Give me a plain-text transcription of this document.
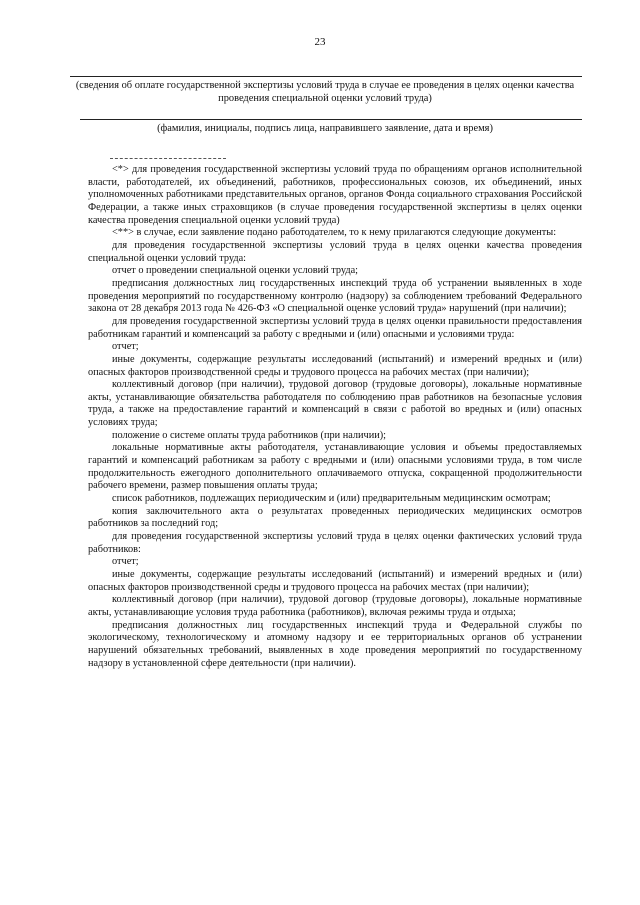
23
(сведения об оплате государственной экспертизы условий труда в случае ее проведения в целях оценки качества проведения специальной оценки условий труда)
(фамилия, инициалы, подпись лица, направившего заявление, дата и время)

<*> для проведения государственной экспертизы условий труда по обращениям органов исполнительной власти, работодателей, их объединений, работников, профессиональных союзов, их объединений, иных уполномоченных работниками представительных органов, органов Фонда социального страхования Российской Федерации, а также иных страховщиков (в случае проведения государственной экспертизы в целях оценки качества проведения специальной оценки условий труда)

<**> в случае, если заявление подано работодателем, то к нему прилагаются следующие документы:

для проведения государственной экспертизы условий труда в целях оценки качества проведения специальной оценки условий труда:

отчет о проведении специальной оценки условий труда;

предписания должностных лиц государственных инспекций труда об устранении выявленных в ходе проведения мероприятий по государственному контролю (надзору) за соблюдением требований Федерального закона от 28 декабря 2013 года № 426-ФЗ «О специальной оценке условий труда» нарушений (при наличии);

для проведения государственной экспертизы условий труда в целях оценки правильности предоставления работникам гарантий и компенсаций за работу с вредными и (или) опасными и условиями труда:

отчет;

иные документы, содержащие результаты исследований (испытаний) и измерений вредных и (или) опасных факторов производственной среды и трудового процесса на рабочих местах (при наличии);

коллективный договор (при наличии), трудовой договор (трудовые договоры), локальные нормативные акты, устанавливающие обязательства работодателя по соблюдению прав работников на безопасные условия труда, а также на предоставление гарантий и компенсаций в связи с работой во вредных и (или) опасных условиях труда;

положение о системе оплаты труда работников (при наличии);

локальные нормативные акты работодателя, устанавливающие условия и объемы предоставляемых гарантий и компенсаций работникам за работу с вредными и (или) опасными условиями труда, в том числе продолжительность ежегодного дополнительного оплачиваемого отпуска, сокращенной продолжительности рабочего времени, размер повышения оплаты труда;

список работников, подлежащих периодическим и (или) предварительным медицинским осмотрам;

копия заключительного акта о результатах проведенных периодических медицинских осмотров работников за последний год;

для проведения государственной экспертизы условий труда в целях оценки фактических условий труда работников:

отчет;

иные документы, содержащие результаты исследований (испытаний) и измерений вредных и (или) опасных факторов производственной среды и трудового процесса на рабочих местах (при наличии);

коллективный договор (при наличии), трудовой договор (трудовые договоры), локальные нормативные акты, устанавливающие условия труда работника (работников), включая режимы труда и отдыха;

предписания должностных лиц государственных инспекций труда и Федеральной службы по экологическому, технологическому и атомному надзору и ее территориальных органов об устранении нарушений обязательных требований, выявленных в ходе проведения мероприятий по государственному надзору в установленной сфере деятельности (при наличии).
